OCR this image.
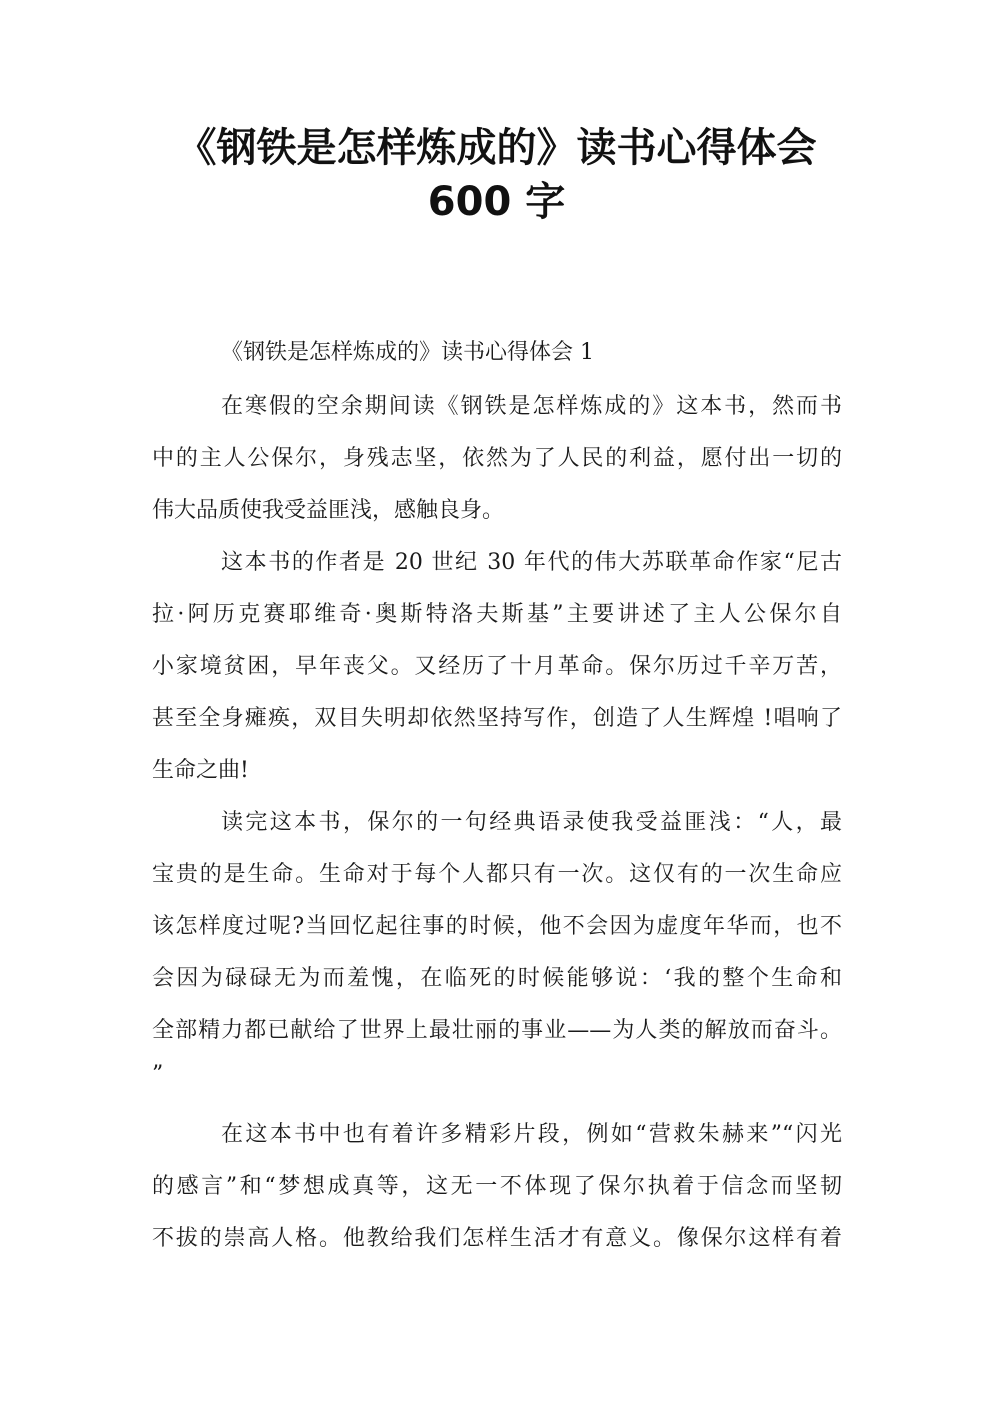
《钢铁是怎样炼成的》读书心得体会
600 字
《钢铁是怎样炼成的》读书心得体会 1
在寒假的空余期间读《钢铁是怎样炼成的》这本书，然而书
中的主人公保尔，身残志坚，依然为了人民的利益，愿付出一切的
伟大品质使我受益匪浅，感触良身。
这本书的作者是 20 世纪 30 年代的伟大苏联革命作家“尼古
拉·阿历克赛耶维奇·奥斯特洛夫斯基”主要讲述了主人公保尔自
小家境贫困，早年丧父。又经历了十月革命。保尔历过千辛万苦，
甚至全身瘫痪，双目失明却依然坚持写作，创造了人生辉煌 !唱响了
生命之曲!
读完这本书，保尔的一句经典语录使我受益匪浅：“人，最
宝贵的是生命。生命对于每个人都只有一次。这仅有的一次生命应
该怎样度过呢?当回忆起往事的时候，他不会因为虚度年华而，也不
会因为碌碌无为而羞愧，在临死的时候能够说：‘我的整个生命和
全部精力都已献给了世界上最壮丽的事业——为人类的解放而奋斗。
”
在这本书中也有着许多精彩片段，例如“营救朱赫来”“闪光
的感言”和“梦想成真等，这无一不体现了保尔执着于信念而坚韧
不拔的崇高人格。他教给我们怎样生活才有意义。像保尔这样有着
